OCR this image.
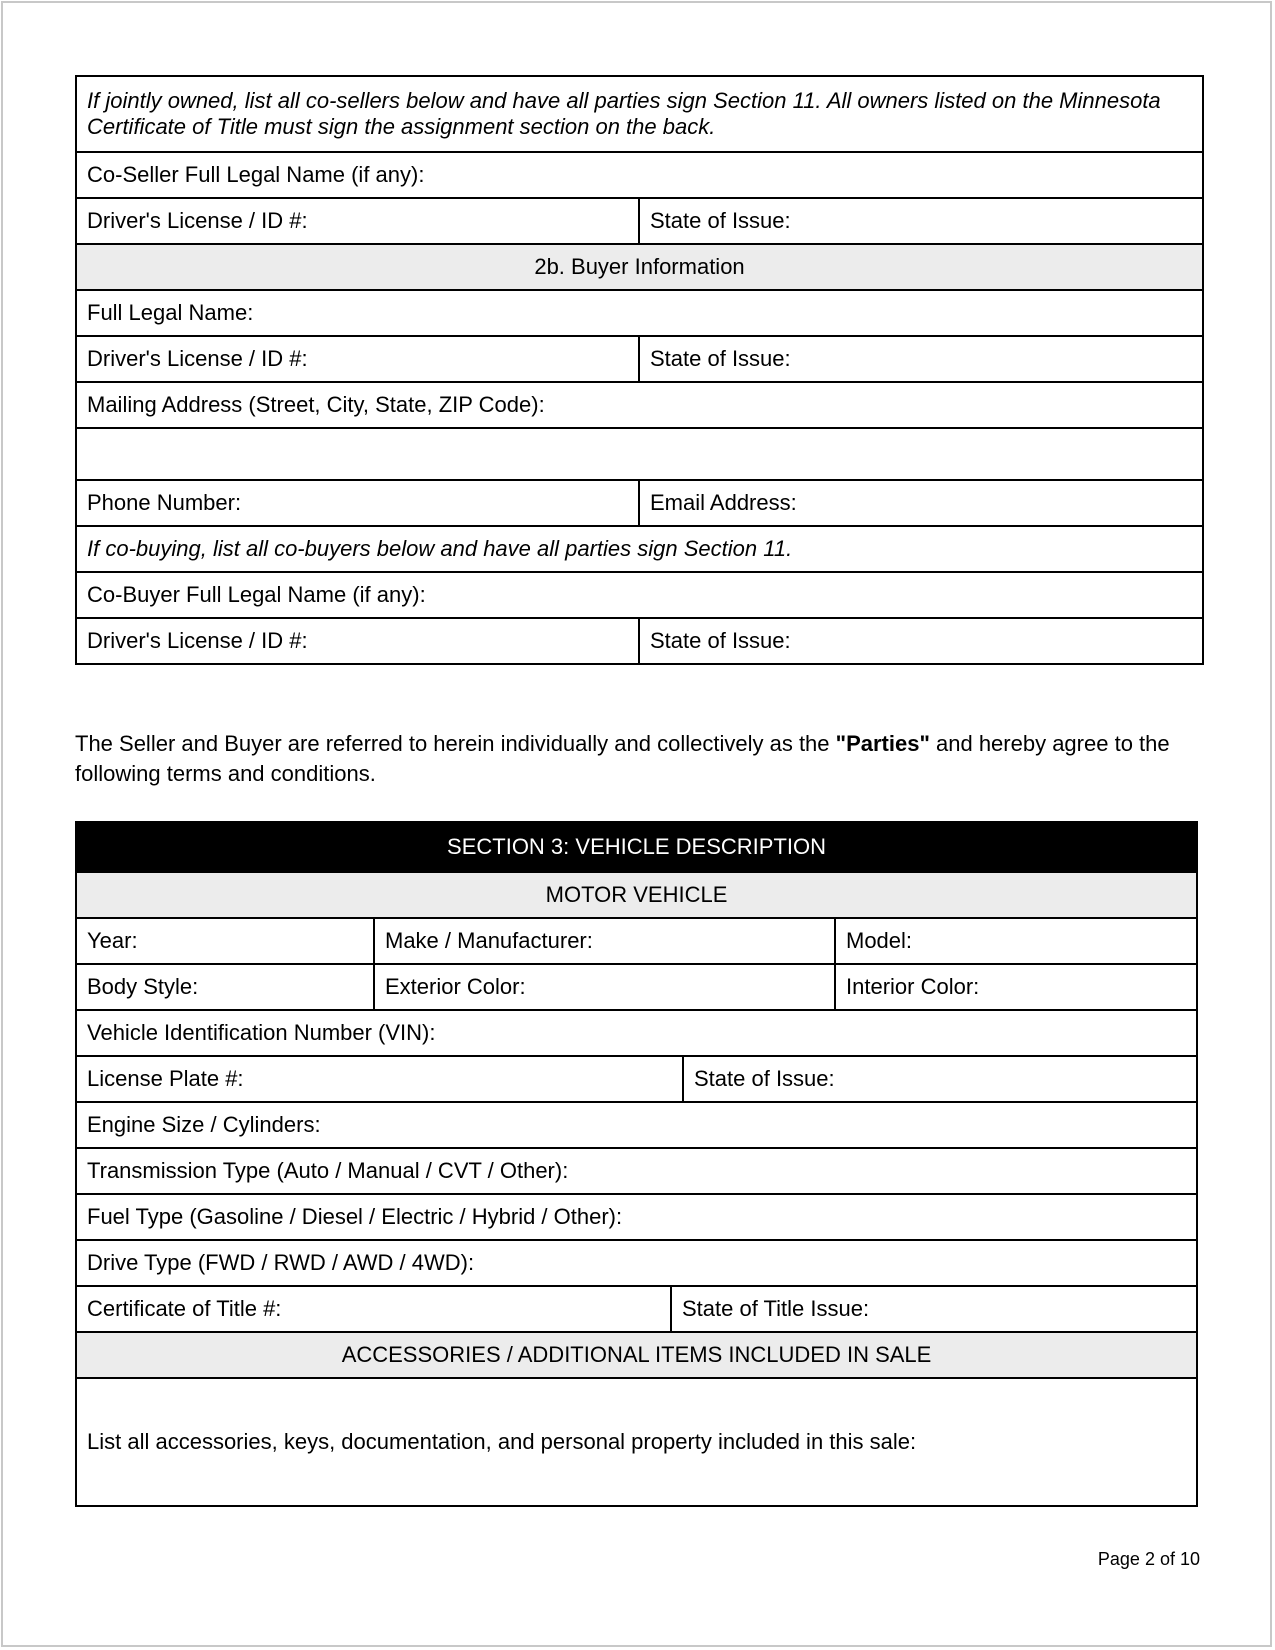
If jointly owned, list all co-sellers below and have all parties sign Section 11. All owners listed on the Minnesota Certificate of Title must sign the assignment section on the back.	
Co-Seller Full Legal Name (if any):	
Driver's License / ID #:	State of Issue:
2b. Buyer Information	
Full Legal Name:	
Driver's License / ID #:	State of Issue:
Mailing Address (Street, City, State, ZIP Code):	

Phone Number:	Email Address:
If co-buying, list all co-buyers below and have all parties sign Section 11.	
Co-Buyer Full Legal Name (if any):	
Driver's License / ID #:	State of Issue:

The Seller and Buyer are referred to herein individually and collectively as the "Parties" and hereby agree to the following terms and conditions.

SECTION 3: VEHICLE DESCRIPTION				
MOTOR VEHICLE				
Year:	Make / Manufacturer:			Model:
Body Style:	Exterior Color:			Interior Color:
Vehicle Identification Number (VIN):				
License Plate #:			State of Issue:	
Engine Size / Cylinders:				
Transmission Type (Auto / Manual / CVT / Other):				
Fuel Type (Gasoline / Diesel / Electric / Hybrid / Other):				
Drive Type (FWD / RWD / AWD / 4WD):				
Certificate of Title #:		State of Title Issue:		
ACCESSORIES / ADDITIONAL ITEMS INCLUDED IN SALE				
List all accessories, keys, documentation, and personal property included in this sale:				
Page 2 of 10
